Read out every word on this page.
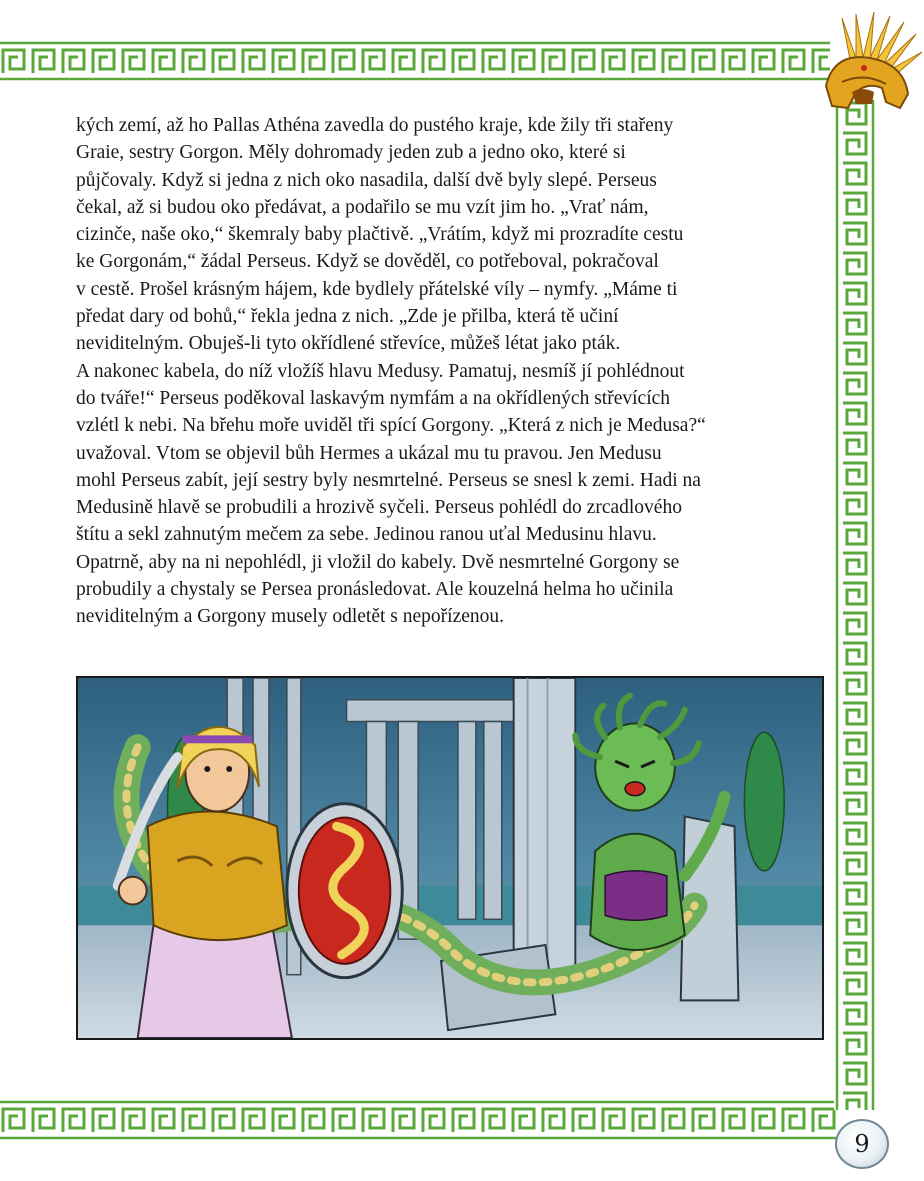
kých zemí, až ho Pallas Athéna zavedla do pustého kraje, kde žily tři stařeny
Graie, sestry Gorgon. Měly dohromady jeden zub a jedno oko, které si
půjčovaly. Když si jedna z nich oko nasadila, další dvě byly slepé. Perseus
čekal, až si budou oko předávat, a podařilo se mu vzít jim ho. „Vrať nám,
cizinče, naše oko,“ škemraly baby plačtivě. „Vrátím, když mi prozradíte cestu
ke Gorgonám,“ žádal Perseus. Když se dověděl, co potřeboval, pokračoval
v cestě. Prošel krásným hájem, kde bydlely přátelské víly – nymfy. „Máme ti
předat dary od bohů,“ řekla jedna z nich. „Zde je přilba, která tě učiní
neviditelným. Obuješ-li tyto okřídlené střevíce, můžeš létat jako pták.
A nakonec kabela, do níž vložíš hlavu Medusy. Pamatuj, nesmíš jí pohlédnout
do tváře!“ Perseus poděkoval laskavým nymfám a na okřídlených střevících
vzlétl k nebi. Na břehu moře uviděl tři spící Gorgony. „Která z nich je Medusa?“
uvažoval. Vtom se objevil bůh Hermes a ukázal mu tu pravou. Jen Medusu
mohl Perseus zabít, její sestry byly nesmrtelné. Perseus se snesl k zemi. Hadi na
Medusině hlavě se probudili a hrozivě syčeli. Perseus pohlédl do zrcadlového
štítu a sekl zahnutým mečem za sebe. Jedinou ranou uťal Medusinu hlavu.
Opatrně, aby na ni nepohlédl, ji vložil do kabely. Dvě nesmrtelné Gorgony se
probudily a chystaly se Persea pronásledovat. Ale kouzelná helma ho učinila
neviditelným a Gorgony musely odletět s nepořízenou.
9
